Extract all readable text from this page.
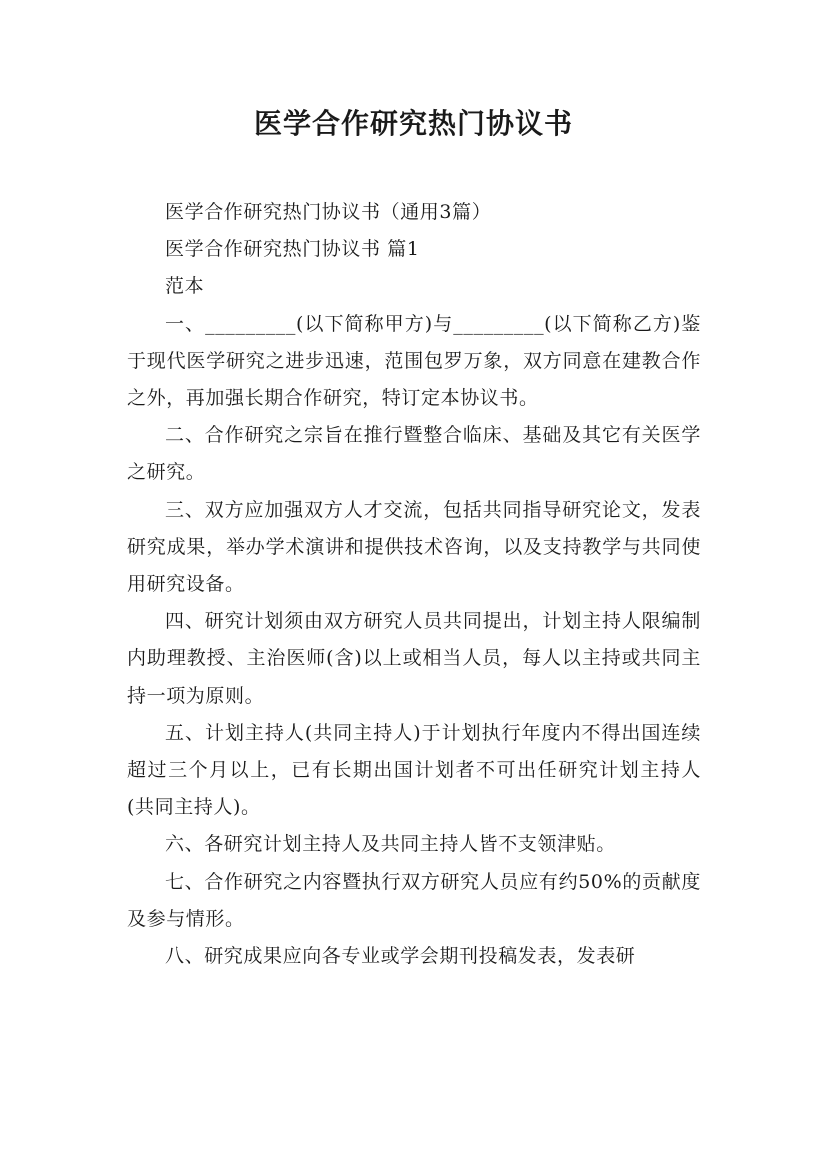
医学合作研究热门协议书

医学合作研究热门协议书（通用3篇）

医学合作研究热门协议书 篇1

范本

一、_________(以下简称甲方)与_________(以下简称乙方)鉴于现代医学研究之进步迅速，范围包罗万象，双方同意在建教合作之外，再加强长期合作研究，特订定本协议书。

二、合作研究之宗旨在推行暨整合临床、基础及其它有关医学之研究。

三、双方应加强双方人才交流，包括共同指导研究论文，发表研究成果，举办学术演讲和提供技术咨询，以及支持教学与共同使用研究设备。

四、研究计划须由双方研究人员共同提出，计划主持人限编制内助理教授、主治医师(含)以上或相当人员，每人以主持或共同主持一项为原则。

五、计划主持人(共同主持人)于计划执行年度内不得出国连续超过三个月以上，已有长期出国计划者不可出任研究计划主持人(共同主持人)。

六、各研究计划主持人及共同主持人皆不支领津贴。

七、合作研究之内容暨执行双方研究人员应有约50%的贡献度及参与情形。

八、研究成果应向各专业或学会期刊投稿发表，发表研
